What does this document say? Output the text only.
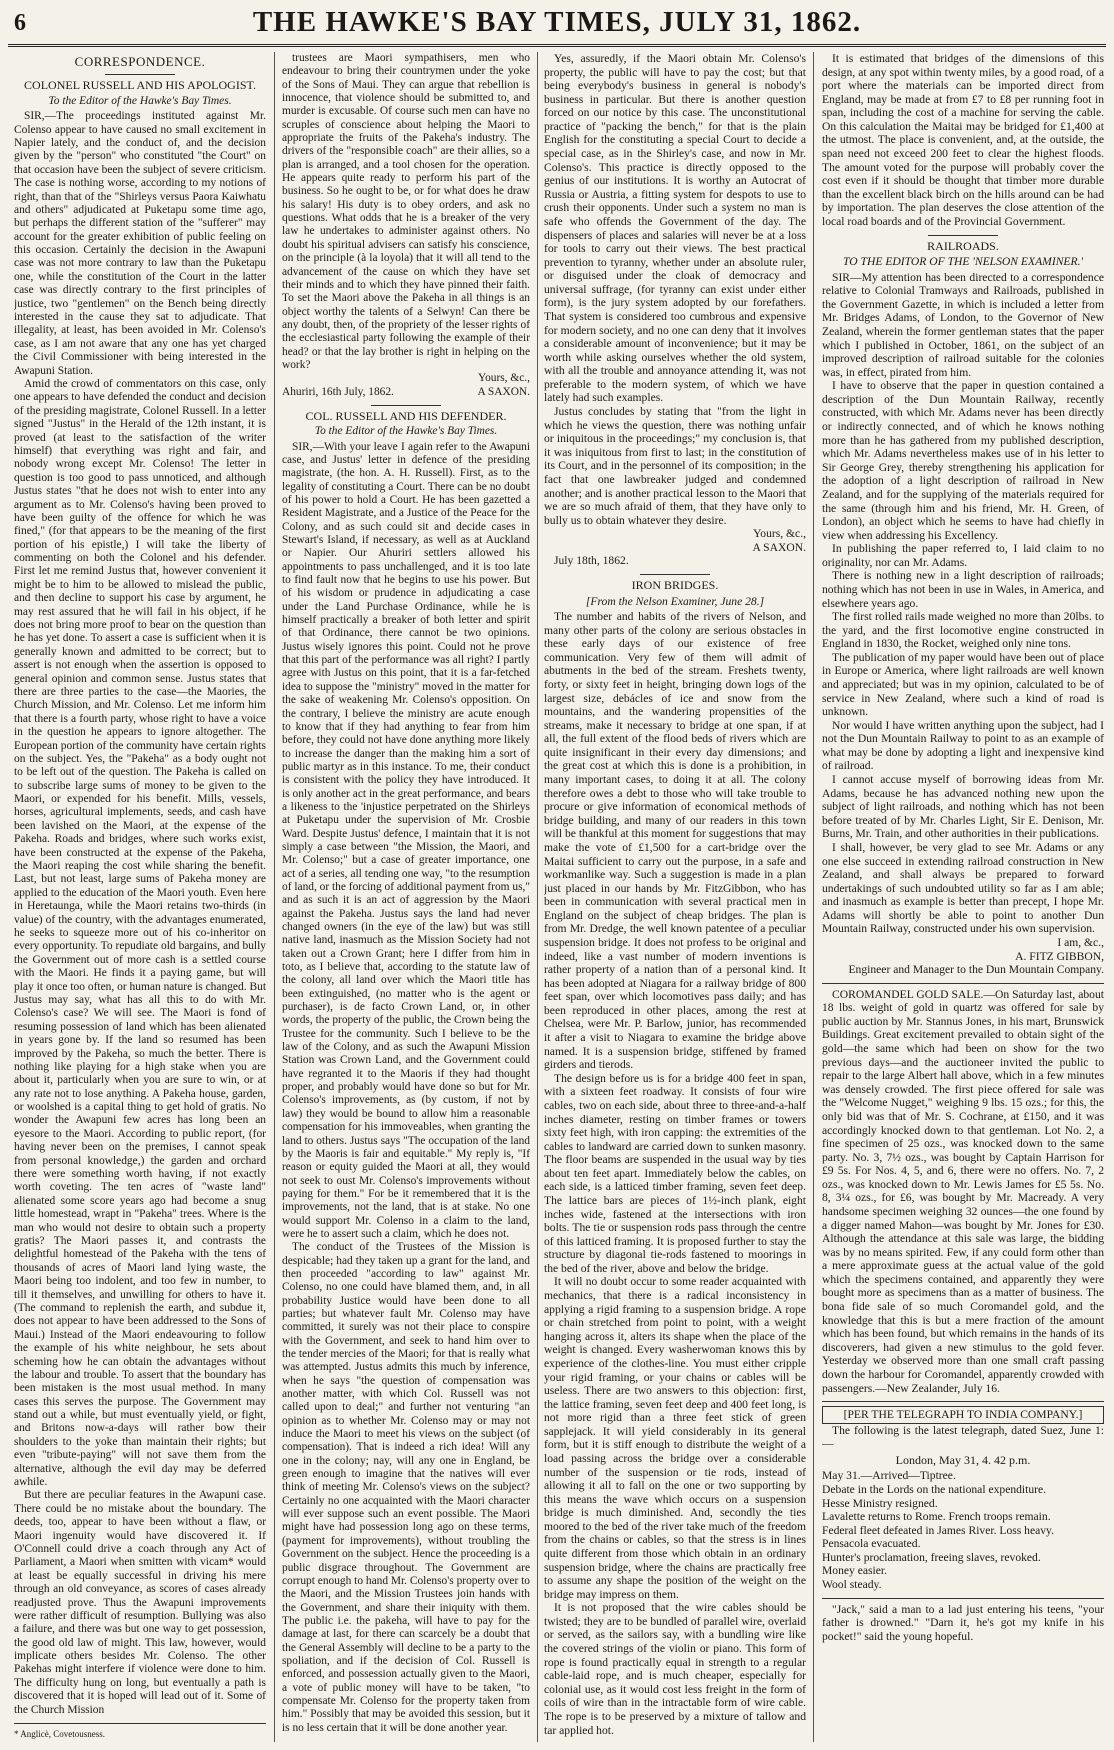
6	THE HAWKE'S BAY TIMES, JULY 31, 1862.
CORRESPONDENCE.
COLONEL RUSSELL AND HIS APOLOGIST.

To the Editor of the Hawke's Bay Times.

SIR,—The proceedings instituted against Mr. Colenso appear to have caused no small excitement in Napier lately, and the conduct of, and the decision given by the "person" who constituted "the Court" on that occasion have been the subject of severe criticism. The case is nothing worse, according to my notions of right, than that of the "Shirleys versus Paora Kaiwhatu and others" adjudicated at Puketapu some time ago, but perhaps the different station of the "sufferer" may account for the greater exhibition of public feeling on this occasion. Certainly the decision in the Awapuni case was not more contrary to law than the Puketapu one, while the constitution of the Court in the latter case was directly contrary to the first principles of justice, two "gentlemen" on the Bench being directly interested in the cause they sat to adjudicate. That illegality, at least, has been avoided in Mr. Colenso's case, as I am not aware that any one has yet charged the Civil Commissioner with being interested in the Awapuni Station.

Amid the crowd of commentators on this case, only one appears to have defended the conduct and decision of the presiding magistrate, Colonel Russell. In a letter signed "Justus" in the Herald of the 12th instant, it is proved (at least to the satisfaction of the writer himself) that everything was right and fair, and nobody wrong except Mr. Colenso! The letter in question is too good to pass unnoticed, and although Justus states "that he does not wish to enter into any argument as to Mr. Colenso's having been proved to have been guilty of the offence for which he was fined," (for that appears to be the meaning of the first portion of his epistle,) I will take the liberty of commenting on both the Colonel and his defender. First let me remind Justus that, however convenient it might be to him to be allowed to mislead the public, and then decline to support his case by argument, he may rest assured that he will fail in his object, if he does not bring more proof to bear on the question than he has yet done. To assert a case is sufficient when it is generally known and admitted to be correct; but to assert is not enough when the assertion is opposed to general opinion and common sense. Justus states that there are three parties to the case—the Maories, the Church Mission, and Mr. Colenso. Let me inform him that there is a fourth party, whose right to have a voice in the question he appears to ignore altogether. The European portion of the community have certain rights on the subject. Yes, the "Pakeha" as a body ought not to be left out of the question. The Pakeha is called on to subscribe large sums of money to be given to the Maori, or expended for his benefit. Mills, vessels, horses, agricultural implements, seeds, and cash have been lavished on the Maori, at the expense of the Pakeha. Roads and bridges, where such works exist, have been constructed at the expense of the Pakeha, the Maori reaping the cost while sharing the benefit. Last, but not least, large sums of Pakeha money are applied to the education of the Maori youth. Even here in Heretaunga, while the Maori retains two-thirds (in value) of the country, with the advantages enumerated, he seeks to squeeze more out of his co-inheritor on every opportunity. To repudiate old bargains, and bully the Government out of more cash is a settled course with the Maori. He finds it a paying game, but will play it once too often, or human nature is changed. But Justus may say, what has all this to do with Mr. Colenso's case? We will see. The Maori is fond of resuming possession of land which has been alienated in years gone by. If the land so resumed has been improved by the Pakeha, so much the better. There is nothing like playing for a high stake when you are about it, particularly when you are sure to win, or at any rate not to lose anything. A Pakeha house, garden, or woolshed is a capital thing to get hold of gratis. No wonder the Awapuni few acres has long been an eyesore to the Maori. According to public report, (for having never been on the premises, I cannot speak from personal knowledge,) the garden and orchard there were something worth having, if not exactly worth coveting. The ten acres of "waste land" alienated some score years ago had become a snug little homestead, wrapt in "Pakeha" trees. Where is the man who would not desire to obtain such a property gratis? The Maori passes it, and contrasts the delightful homestead of the Pakeha with the tens of thousands of acres of Maori land lying waste, the Maori being too indolent, and too few in number, to till it themselves, and unwilling for others to have it. (The command to replenish the earth, and subdue it, does not appear to have been addressed to the Sons of Maui.) Instead of the Maori endeavouring to follow the example of his white neighbour, he sets about scheming how he can obtain the advantages without the labour and trouble. To assert that the boundary has been mistaken is the most usual method. In many cases this serves the purpose. The Government may stand out a while, but must eventually yield, or fight, and Britons now-a-days will rather bow their shoulders to the yoke than maintain their rights; but even "tribute-paying" will not save them from the alternative, although the evil day may be deferred awhile.

But there are peculiar features in the Awapuni case. There could be no mistake about the boundary. The deeds, too, appear to have been without a flaw, or Maori ingenuity would have discovered it. If O'Connell could drive a coach through any Act of Parliament, a Maori when smitten with vicam* would at least be equally successful in driving his mere through an old conveyance, as scores of cases already readjusted prove. Thus the Awapuni improvements were rather difficult of resumption. Bullying was also a failure, and there was but one way to get possession, the good old law of might. This law, however, would implicate others besides Mr. Colenso. The other Pakehas might interfere if violence were done to him. The difficulty hung on long, but eventually a path is discovered that it is hoped will lead out of it. Some of the Church Mission

* Anglicè, Covetousness.

trustees are Maori sympathisers, men who endeavour to bring their countrymen under the yoke of the Sons of Maui. They can argue that rebellion is innocence, that violence should be submitted to, and murder is excusable. Of course such men can have no scruples of conscience about helping the Maori to appropriate the fruits of the Pakeha's industry. The drivers of the "responsible coach" are their allies, so a plan is arranged, and a tool chosen for the operation. He appears quite ready to perform his part of the business. So he ought to be, or for what does he draw his salary! His duty is to obey orders, and ask no questions. What odds that he is a breaker of the very law he undertakes to administer against others. No doubt his spiritual advisers can satisfy his conscience, on the principle (à la loyola) that it will all tend to the advancement of the cause on which they have set their minds and to which they have pinned their faith. To set the Maori above the Pakeha in all things is an object worthy the talents of a Selwyn! Can there be any doubt, then, of the propriety of the lesser rights of the ecclesiastical party following the example of their head? or that the lay brother is right in helping on the work?

Yours, &c.,

Ahuriri, 16th July, 1862.	A SAXON.

COL. RUSSELL AND HIS DEFENDER.

To the Editor of the Hawke's Bay Times.

SIR,—With your leave I again refer to the Awapuni case, and Justus' letter in defence of the presiding magistrate, (the hon. A. H. Russell). First, as to the legality of constituting a Court. There can be no doubt of his power to hold a Court. He has been gazetted a Resident Magistrate, and a Justice of the Peace for the Colony, and as such could sit and decide cases in Stewart's Island, if necessary, as well as at Auckland or Napier. Our Ahuriri settlers allowed his appointments to pass unchallenged, and it is too late to find fault now that he begins to use his power. But of his wisdom or prudence in adjudicating a case under the Land Purchase Ordinance, while he is himself practically a breaker of both letter and spirit of that Ordinance, there cannot be two opinions. Justus wisely ignores this point. Could not he prove that this part of the performance was all right? I partly agree with Justus on this point, that it is a far-fetched idea to suppose the "ministry" moved in the matter for the sake of weakening Mr. Colenso's opposition. On the contrary, I believe the ministry are acute enough to know that if they had anything to fear from him before, they could not have done anything more likely to increase the danger than the making him a sort of public martyr as in this instance. To me, their conduct is consistent with the policy they have introduced. It is only another act in the great performance, and bears a likeness to the 'injustice perpetrated on the Shirleys at Puketapu under the supervision of Mr. Crosbie Ward. Despite Justus' defence, I maintain that it is not simply a case between "the Mission, the Maori, and Mr. Colenso;" but a case of greater importance, one act of a series, all tending one way, "to the resumption of land, or the forcing of additional payment from us," and as such it is an act of aggression by the Maori against the Pakeha. Justus says the land had never changed owners (in the eye of the law) but was still native land, inasmuch as the Mission Society had not taken out a Crown Grant; here I differ from him in toto, as I believe that, according to the statute law of the colony, all land over which the Maori title has been extinguished, (no matter who is the agent or purchaser), is de facto Crown Land, or, in other words, the property of the public, the Crown being the Trustee for the community. Such I believe to be the law of the Colony, and as such the Awapuni Mission Station was Crown Land, and the Government could have regranted it to the Maoris if they had thought proper, and probably would have done so but for Mr. Colenso's improvements, as (by custom, if not by law) they would be bound to allow him a reasonable compensation for his immoveables, when granting the land to others. Justus says "The occupation of the land by the Maoris is fair and equitable." My reply is, "If reason or equity guided the Maori at all, they would not seek to oust Mr. Colenso's improvements without paying for them." For be it remembered that it is the improvements, not the land, that is at stake. No one would support Mr. Colenso in a claim to the land, were he to assert such a claim, which he does not.

The conduct of the Trustees of the Mission is despicable; had they taken up a grant for the land, and then proceeded "according to law" against Mr. Colenso, no one could have blamed them, and, in all probability Justice would have been done to all parties; but whatever fault Mr. Colenso may have committed, it surely was not their place to conspire with the Government, and seek to hand him over to the tender mercies of the Maori; for that is really what was attempted. Justus admits this much by inference, when he says "the question of compensation was another matter, with which Col. Russell was not called upon to deal;" and further not venturing "an opinion as to whether Mr. Colenso may or may not induce the Maori to meet his views on the subject (of compensation). That is indeed a rich idea! Will any one in the colony; nay, will any one in England, be green enough to imagine that the natives will ever think of meeting Mr. Colenso's views on the subject? Certainly no one acquainted with the Maori character will ever suppose such an event possible. The Maori might have had possession long ago on these terms, (payment for improvements), without troubling the Government on the subject. Hence the proceeding is a public disgrace throughout. The Government are corrupt enough to hand Mr. Colenso's property over to the Maori, and the Mission Trustees join hands with the Government, and share their iniquity with them. The public i.e. the pakeha, will have to pay for the damage at last, for there can scarcely be a doubt that the General Assembly will decline to be a party to the spoliation, and if the decision of Col. Russell is enforced, and possession actually given to the Maori, a vote of public money will have to be taken, "to compensate Mr. Colenso for the property taken from him." Possibly that may be avoided this session, but it is no less certain that it will be done another year.

Yes, assuredly, if the Maori obtain Mr. Colenso's property, the public will have to pay the cost; but that being everybody's business in general is nobody's business in particular. But there is another question forced on our notice by this case. The unconstitutional practice of "packing the bench," for that is the plain English for the constituting a special Court to decide a special case, as in the Shirley's case, and now in Mr. Colenso's. This practice is directly opposed to the genius of our institutions. It is worthy an Autocrat of Russia or Austria, a fitting system for despots to use to crush their opponents. Under such a system no man is safe who offends the Government of the day. The dispensers of places and salaries will never be at a loss for tools to carry out their views. The best practical prevention to tyranny, whether under an absolute ruler, or disguised under the cloak of democracy and universal suffrage, (for tyranny can exist under either form), is the jury system adopted by our forefathers. That system is considered too cumbrous and expensive for modern society, and no one can deny that it involves a considerable amount of inconvenience; but it may be worth while asking ourselves whether the old system, with all the trouble and annoyance attending it, was not preferable to the modern system, of which we have lately had such examples.

Justus concludes by stating that "from the light in which he views the question, there was nothing unfair or iniquitous in the proceedings;" my conclusion is, that it was iniquitous from first to last; in the constitution of its Court, and in the personnel of its composition; in the fact that one lawbreaker judged and condemned another; and is another practical lesson to the Maori that we are so much afraid of them, that they have only to bully us to obtain whatever they desire.

Yours, &c.,

A SAXON.

July 18th, 1862.

IRON BRIDGES.

[From the Nelson Examiner, June 28.]

The number and habits of the rivers of Nelson, and many other parts of the colony are serious obstacles in these early days of our existence of free communication. Very few of them will admit of abutments in the bed of the stream. Freshets twenty, forty, or sixty feet in height, bringing down logs of the largest size, debácles of ice and snow from the mountains, and the wandering propensities of the streams, make it necessary to bridge at one span, if at all, the full extent of the flood beds of rivers which are quite insignificant in their every day dimensions; and the great cost at which this is done is a prohibition, in many important cases, to doing it at all. The colony therefore owes a debt to those who will take trouble to procure or give information of economical methods of bridge building, and many of our readers in this town will be thankful at this moment for suggestions that may make the vote of £1,500 for a cart-bridge over the Maitai sufficient to carry out the purpose, in a safe and workmanlike way. Such a suggestion is made in a plan just placed in our hands by Mr. FitzGibbon, who has been in communication with several practical men in England on the subject of cheap bridges. The plan is from Mr. Dredge, the well known patentee of a peculiar suspension bridge. It does not profess to be original and indeed, like a vast number of modern inventions is rather property of a nation than of a personal kind. It has been adopted at Niagara for a railway bridge of 800 feet span, over which locomotives pass daily; and has been reproduced in other places, among the rest at Chelsea, were Mr. P. Barlow, junior, has recommended it after a visit to Niagara to examine the bridge above named. It is a suspension bridge, stiffened by framed girders and tierods.

The design before us is for a bridge 400 feet in span, with a sixteen feet roadway. It consists of four wire cables, two on each side, about three to three-and-a-half inches diameter, resting on timber frames or towers sixty feet high, with iron capping: the extremities of the cables to landward are carried down to sunken masonry. The floor beams are suspended in the usual way by ties about ten feet apart. Immediately below the cables, on each side, is a latticed timber framing, seven feet deep. The lattice bars are pieces of 1½-inch plank, eight inches wide, fastened at the intersections with iron bolts. The tie or suspension rods pass through the centre of this latticed framing. It is proposed further to stay the structure by diagonal tie-rods fastened to moorings in the bed of the river, above and below the bridge.

It will no doubt occur to some reader acquainted with mechanics, that there is a radical inconsistency in applying a rigid framing to a suspension bridge. A rope or chain stretched from point to point, with a weight hanging across it, alters its shape when the place of the weight is changed. Every washerwoman knows this by experience of the clothes-line. You must either cripple your rigid framing, or your chains or cables will be useless. There are two answers to this objection: first, the lattice framing, seven feet deep and 400 feet long, is not more rigid than a three feet stick of green sapplejack. It will yield considerably in its general form, but it is stiff enough to distribute the weight of a load passing across the bridge over a considerable number of the suspension or tie rods, instead of allowing it all to fall on the one or two supporting by this means the wave which occurs on a suspension bridge is much diminished. And, secondly the ties moored to the bed of the river take much of the freedom from the chains or cables, so that the stress is in lines quite different from those which obtain in an ordinary suspension bridge, where the chains are practically free to assume any shape the position of the weight on the bridge may impress on them.

It is not proposed that the wire cables should be twisted; they are to be bundled of parallel wire, overlaid or served, as the sailors say, with a bundling wire like the covered strings of the violin or piano. This form of rope is found practically equal in strength to a regular cable-laid rope, and is much cheaper, especially for colonial use, as it would cost less freight in the form of coils of wire than in the intractable form of wire cable. The rope is to be preserved by a mixture of tallow and tar applied hot.

It is estimated that bridges of the dimensions of this design, at any spot within twenty miles, by a good road, of a port where the materials can be imported direct from England, may be made at from £7 to £8 per running foot in span, including the cost of a machine for serving the cable. On this calculation the Maitai may be bridged for £1,400 at the utmost. The place is convenient, and, at the outside, the span need not exceed 200 feet to clear the highest floods. The amount voted for the purpose will probably cover the cost even if it should be thought that timber more durable than the excellent black birch on the hills around can be had by importation. The plan deserves the close attention of the local road boards and of the Provincial Government.

RAILROADS.

TO THE EDITOR OF THE 'NELSON EXAMINER.'

SIR—My attention has been directed to a correspondence relative to Colonial Tramways and Railroads, published in the Government Gazette, in which is included a letter from Mr. Bridges Adams, of London, to the Governor of New Zealand, wherein the former gentleman states that the paper which I published in October, 1861, on the subject of an improved description of railroad suitable for the colonies was, in effect, pirated from him.

I have to observe that the paper in question contained a description of the Dun Mountain Railway, recently constructed, with which Mr. Adams never has been directly or indirectly connected, and of which he knows nothing more than he has gathered from my published description, which Mr. Adams nevertheless makes use of in his letter to Sir George Grey, thereby strengthening his application for the adoption of a light description of railroad in New Zealand, and for the supplying of the materials required for the same (through him and his friend, Mr. H. Green, of London), an object which he seems to have had chiefly in view when addressing his Excellency.

In publishing the paper referred to, I laid claim to no originality, nor can Mr. Adams.

There is nothing new in a light description of railroads; nothing which has not been in use in Wales, in America, and elsewhere years ago.

The first rolled rails made weighed no more than 20lbs. to the yard, and the first locomotive engine constructed in England in 1830, the Rocket, weighed only nine tons.

The publication of my paper would have been out of place in Europe or America, where light railroads are well known and appreciated; but was in my opinion, calculated to be of service in New Zealand, where such a kind of road is unknown.

Nor would I have written anything upon the subject, had I not the Dun Mountain Railway to point to as an example of what may be done by adopting a light and inexpensive kind of railroad.

I cannot accuse myself of borrowing ideas from Mr. Adams, because he has advanced nothing new upon the subject of light railroads, and nothing which has not been before treated of by Mr. Charles Light, Sir E. Denison, Mr. Burns, Mr. Train, and other authorities in their publications.

I shall, however, be very glad to see Mr. Adams or any one else succeed in extending railroad construction in New Zealand, and shall always be prepared to forward undertakings of such undoubted utility so far as I am able; and inasmuch as example is better than precept, I hope Mr. Adams will shortly be able to point to another Dun Mountain Railway, constructed under his own supervision.

I am, &c.,

A. FITZ GIBBON,

Engineer and Manager to the Dun Mountain Company.

COROMANDEL GOLD SALE.—On Saturday last, about 18 lbs. weight of gold in quartz was offered for sale by public auction by Mr. Stannus Jones, in his mart, Brunswick Buildings. Great excitement prevailed to obtain sight of the gold—the same which had been on show for the two previous days—and the auctioneer invited the public to repair to the large Albert hall above, which in a few minutes was densely crowded. The first piece offered for sale was the "Welcome Nugget," weighing 9 lbs. 15 ozs.; for this, the only bid was that of Mr. S. Cochrane, at £150, and it was accordingly knocked down to that gentleman. Lot No. 2, a fine specimen of 25 ozs., was knocked down to the same party. No. 3, 7½ ozs., was bought by Captain Harrison for £9 5s. For Nos. 4, 5, and 6, there were no offers. No. 7, 2 ozs., was knocked down to Mr. Lewis James for £5 5s. No. 8, 3¼ ozs., for £6, was bought by Mr. Macready. A very handsome specimen weighing 32 ounces—the one found by a digger named Mahon—was bought by Mr. Jones for £30. Although the attendance at this sale was large, the bidding was by no means spirited. Few, if any could form other than a mere approximate guess at the actual value of the gold which the specimens contained, and apparently they were bought more as specimens than as a matter of business. The bona fide sale of so much Coromandel gold, and the knowledge that this is but a mere fraction of the amount which has been found, but which remains in the hands of its discoverers, had given a new stimulus to the gold fever. Yesterday we observed more than one small craft passing down the harbour for Coromandel, apparently crowded with passengers.—New Zealander, July 16.

[PER THE TELEGRAPH TO INDIA COMPANY.]

The following is the latest telegraph, dated Suez, June 1:—

London, May 31, 4. 42 p.m.

May 31.—Arrived—Tiptree.

Debate in the Lords on the national expenditure.

Hesse Ministry resigned.

Lavalette returns to Rome. French troops remain.

Federal fleet defeated in James River. Loss heavy.

Pensacola evacuated.

Hunter's proclamation, freeing slaves, revoked.

Money easier.

Wool steady.

"Jack," said a man to a lad just entering his teens, "your father is drowned." "Darn it, he's got my knife in his pocket!" said the young hopeful.
